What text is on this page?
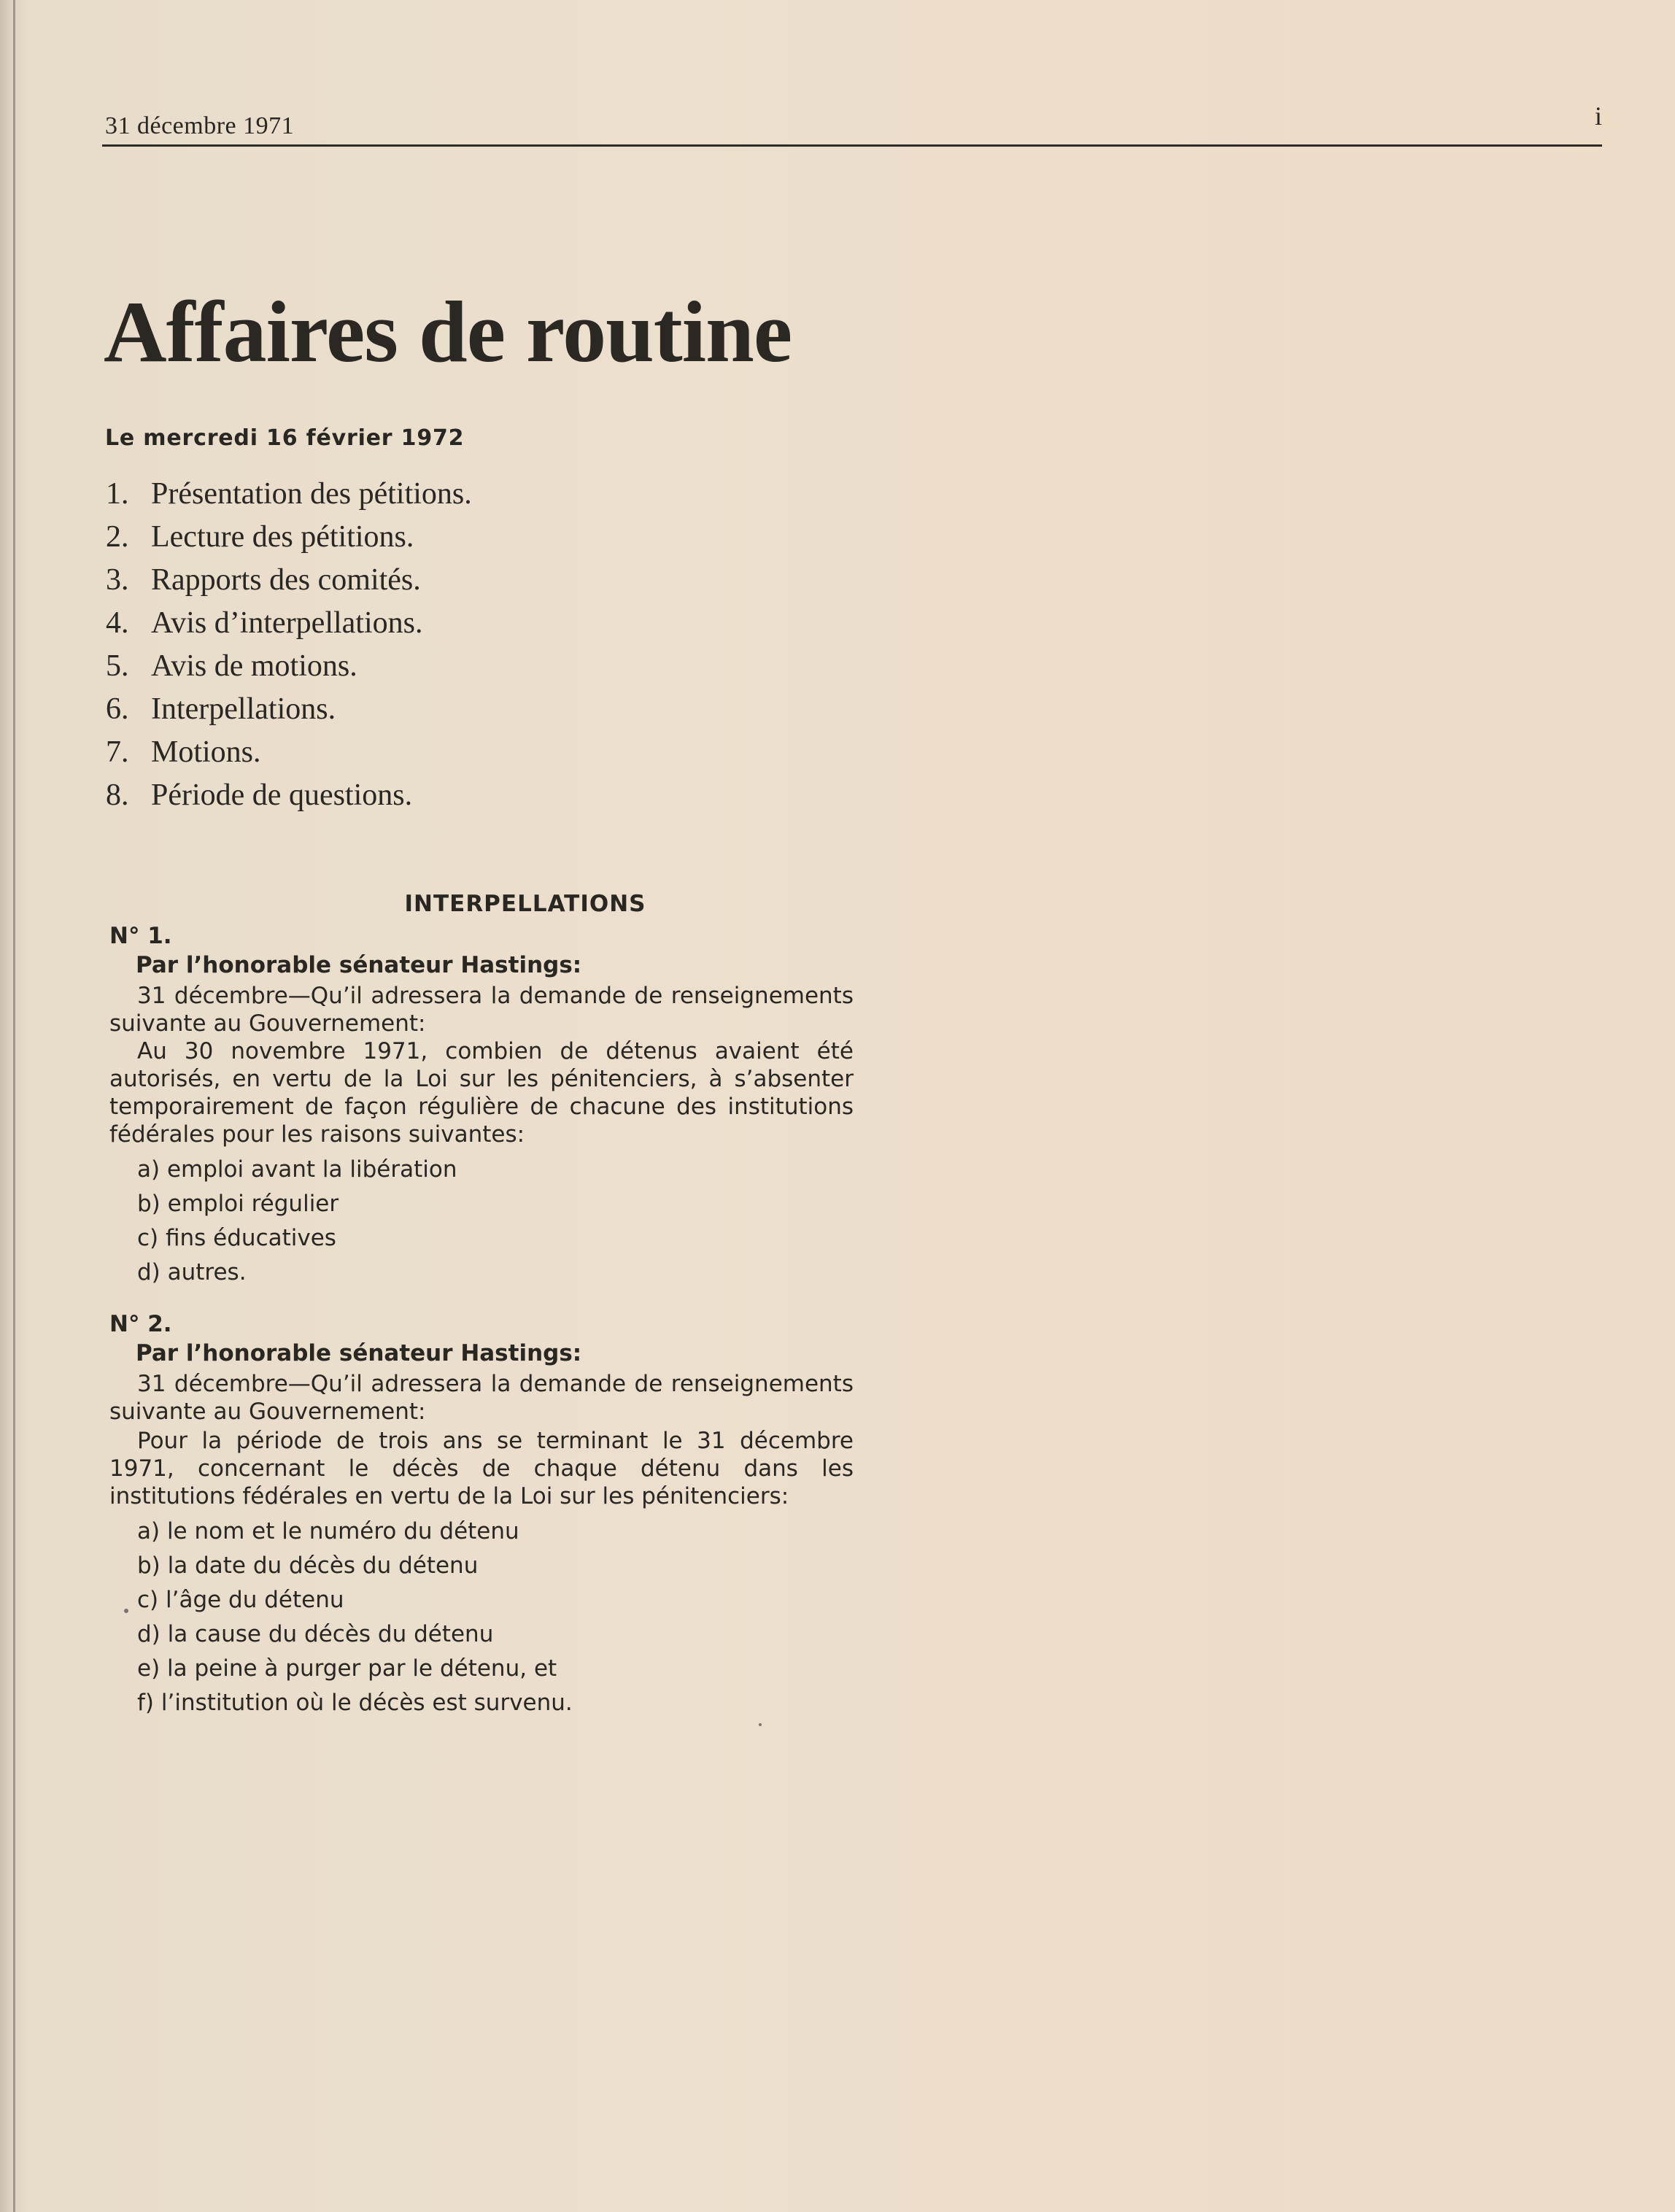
31 décembre 1971	i
Affaires de routine
Le mercredi 16 février 1972
1. Présentation des pétitions.
2. Lecture des pétitions.
3. Rapports des comités.
4. Avis d’interpellations.
5. Avis de motions.
6. Interpellations.
7. Motions.
8. Période de questions.
INTERPELLATIONS

N° 1.

Par l’honorable sénateur Hastings:

31 décembre—Qu’il adressera la demande de renseignements suivante au Gouvernement:

Au 30 novembre 1971, combien de détenus avaient été autorisés, en vertu de la Loi sur les pénitenciers, à s’absenter temporairement de façon régulière de chacune des institutions fédérales pour les raisons suivantes:

a) emploi avant la libération
b) emploi régulier
c) fins éducatives
d) autres.

N° 2.

Par l’honorable sénateur Hastings:

31 décembre—Qu’il adressera la demande de renseignements suivante au Gouvernement:

Pour la période de trois ans se terminant le 31 décembre 1971, concernant le décès de chaque détenu dans les institutions fédérales en vertu de la Loi sur les pénitenciers:

a) le nom et le numéro du détenu
b) la date du décès du détenu
c) l’âge du détenu
d) la cause du décès du détenu
e) la peine à purger par le détenu, et
f) l’institution où le décès est survenu.
